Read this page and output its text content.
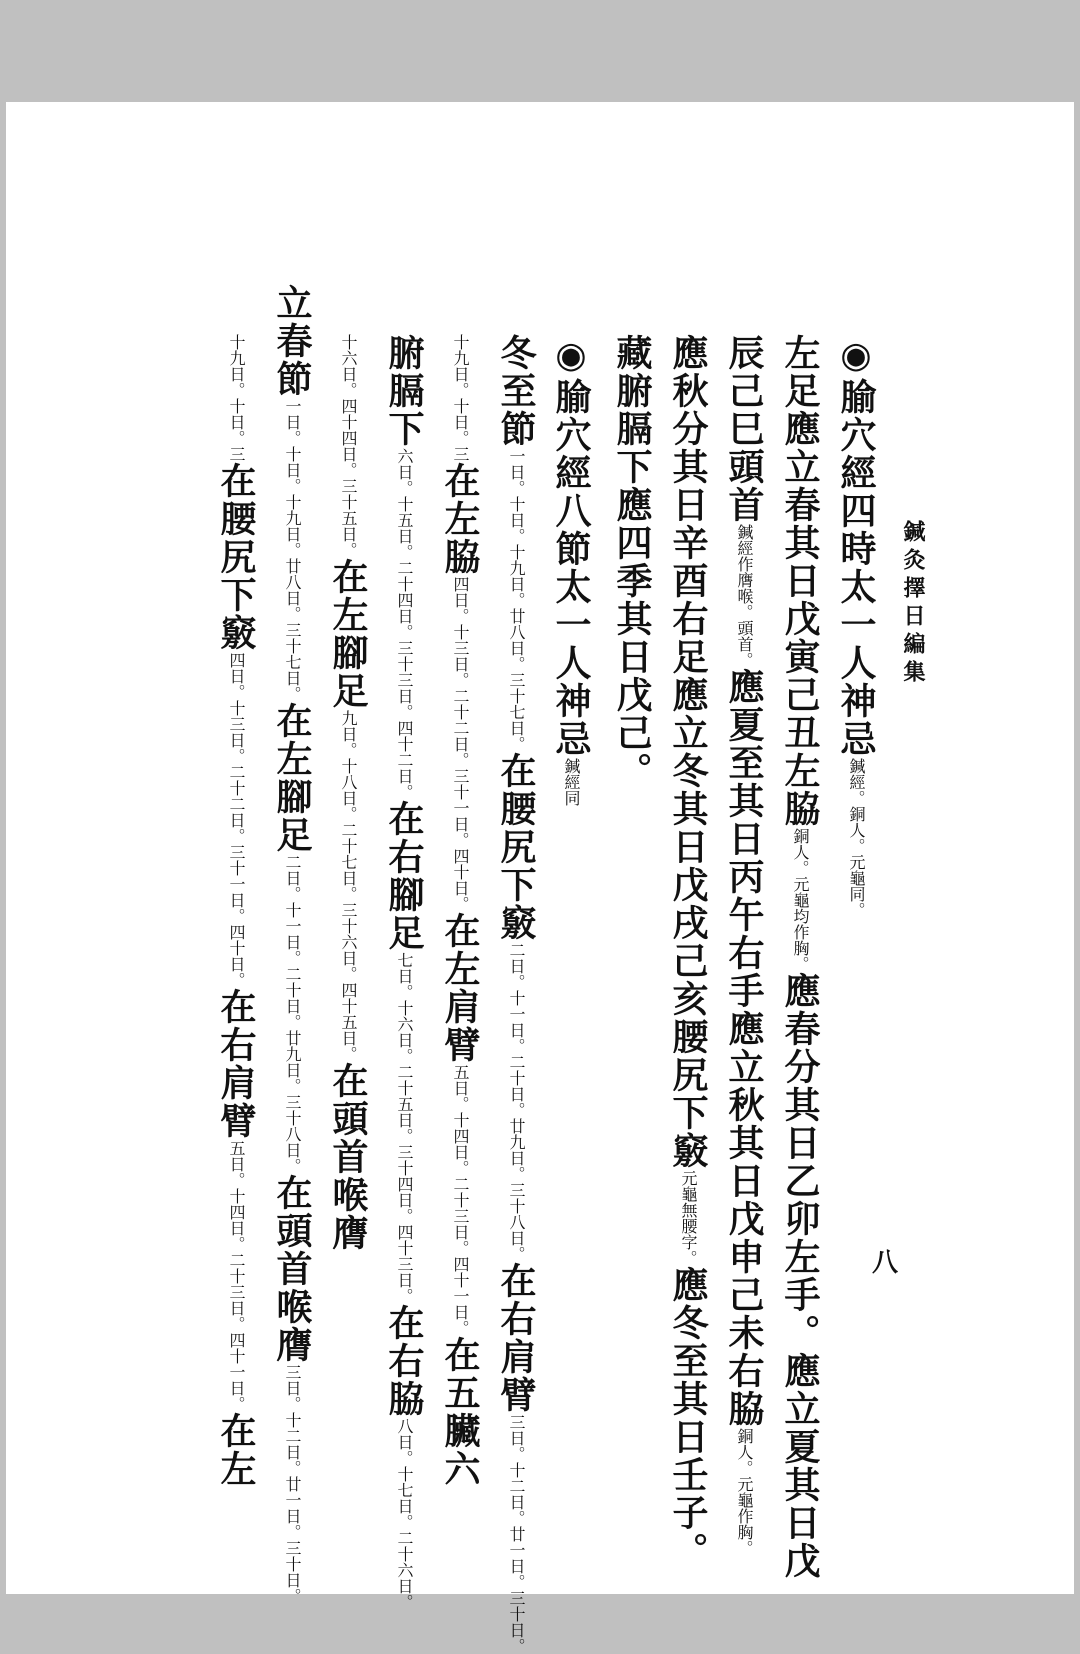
鍼灸擇日編集
八
◉腧穴經四時太一人神忌鍼經。銅人。元龜同。
左足應立春其日戊寅己丑左脇銅人。元龜均作胸。應春分其日乙卯左手。應立夏其日戊
辰己巳頭首鍼經作膺喉。頭首。應夏至其日丙午右手應立秋其日戊申己未右脇銅人。元龜作胸。
應秋分其日辛酉右足應立冬其日戊戌己亥腰尻下竅元龜無腰字。應冬至其日壬子。
藏腑膈下應四季其日戊己。
◉腧穴經八節太一人神忌鍼經同
冬至節一日。十日。十九日。廿八日。三十七日。在腰尻下竅二日。十一日。二十日。廿九日。三十八日。在右肩臂三日。十二日。廿一日。三十日。
十九日。十日。三在左脇四日。十三日。二十二日。三十一日。四十日。在左肩臂五日。十四日。二十三日。四十一日。在五臟六
腑膈下六日。十五日。二十四日。三十三日。四十二日。在右腳足七日。十六日。二十五日。三十四日。四十三日。在右脇八日。十七日。二十六日。
十六日。四十四日。三十五日。在左腳足九日。十八日。二十七日。三十六日。四十五日。在頭首喉膺
立春節一日。十日。十九日。廿八日。三十七日。在左腳足二日。十一日。二十日。廿九日。三十八日。在頭首喉膺三日。十二日。廿一日。三十日。
十九日。十日。三在腰尻下竅四日。十三日。二十二日。三十一日。四十日。在右肩臂五日。十四日。二十三日。四十一日。在左
